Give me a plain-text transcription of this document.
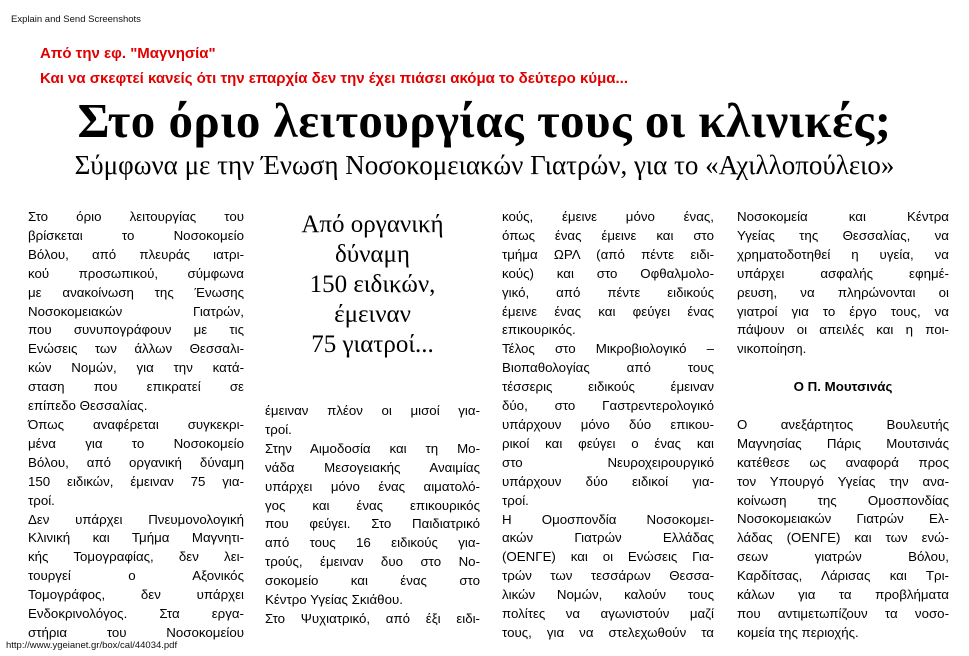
Explain and Send Screenshots
Από την εφ. "Μαγνησία"
Και να σκεφτεί κανείς ότι την επαρχία δεν την έχει πιάσει ακόμα το δεύτερο κύμα...
Στο όριο λειτουργίας τους οι κλινικές;
Σύμφωνα με την Ένωση Νοσοκομειακών Γιατρών, για το «Αχιλλοπούλειο»
Από οργανική
δύναμη
150 ειδικών,
έμειναν
75 γιατροί...
Στο όριο λειτουργίας του
βρίσκεται το Νοσοκομείο
Βόλου, από πλευράς ιατρι-
κού προσωπικού, σύμφωνα
με ανακοίνωση της Ένωσης
Νοσοκομειακών Γιατρών,
που συνυπογράφουν με τις
Ενώσεις των άλλων Θεσσαλι-
κών Νομών, για την κατά-
σταση που επικρατεί σε
επίπεδο Θεσσαλίας.
Όπως αναφέρεται συγκεκρι-
μένα για το Νοσοκομείο
Βόλου, από οργανική δύναμη
150 ειδικών, έμειναν 75 για-
τροί.
Δεν υπάρχει Πνευμονολογική
Κλινική και Τμήμα Μαγνητι-
κής Τομογραφίας, δεν λει-
τουργεί ο Αξονικός
Τομογράφος, δεν υπάρχει
Ενδοκρινολόγος. Στα εργα-
στήρια του Νοσοκομείου
έμειναν πλέον οι μισοί για-
τροί.
Στην Αιμοδοσία και τη Μο-
νάδα Μεσογειακής Αναιμίας
υπάρχει μόνο ένας αιματολό-
γος και ένας επικουρικός
που φεύγει. Στο Παιδιατρικό
από τους 16 ειδικούς για-
τρούς, έμειναν δυο στο Νο-
σοκομείο και ένας στο
Κέντρο Υγείας Σκιάθου.
Στο Ψυχιατρικό, από έξι ειδι-
κούς, έμεινε μόνο ένας,
όπως ένας έμεινε και στο
τμήμα ΩΡΛ (από πέντε ειδι-
κούς) και στο Οφθαλμολο-
γικό, από πέντε ειδικούς
έμεινε ένας και φεύγει ένας
επικουρικός.
Τέλος στο Μικροβιολογικό –
Βιοπαθολογίας από τους
τέσσερις ειδικούς έμειναν
δύο, στο Γαστρεντερολογικό
υπάρχουν μόνο δύο επικου-
ρικοί και φεύγει ο ένας και
στο Νευροχειρουργικό
υπάρχουν δύο ειδικοί για-
τροί.
Η Ομοσπονδία Νοσοκομει-
ακών Γιατρών Ελλάδας
(ΟΕΝΓΕ) και οι Ενώσεις Για-
τρών των τεσσάρων Θεσσα-
λικών Νομών, καλούν τους
πολίτες να αγωνιστούν μαζί
τους, για να στελεχωθούν τα
Νοσοκομεία και Κέντρα
Υγείας της Θεσσαλίας, να
χρηματοδοτηθεί η υγεία, να
υπάρχει ασφαλής εφημέ-
ρευση, να πληρώνονται οι
γιατροί για το έργο τους, να
πάψουν οι απειλές και η ποι-
νικοποίηση.
Ο Π. Μουτσινάς
Ο ανεξάρτητος Βουλευτής
Μαγνησίας Πάρις Μουτσινάς
κατέθεσε ως αναφορά προς
τον Υπουργό Υγείας την ανα-
κοίνωση της Ομοσπονδίας
Νοσοκομειακών Γιατρών Ελ-
λάδας (ΟΕΝΓΕ) και των ενώ-
σεων γιατρών Βόλου,
Καρδίτσας, Λάρισας και Τρι-
κάλων για τα προβλήματα
που αντιμετωπίζουν τα νοσο-
κομεία της περιοχής.
http://www.ygeianet.gr/box/cal/44034.pdf
